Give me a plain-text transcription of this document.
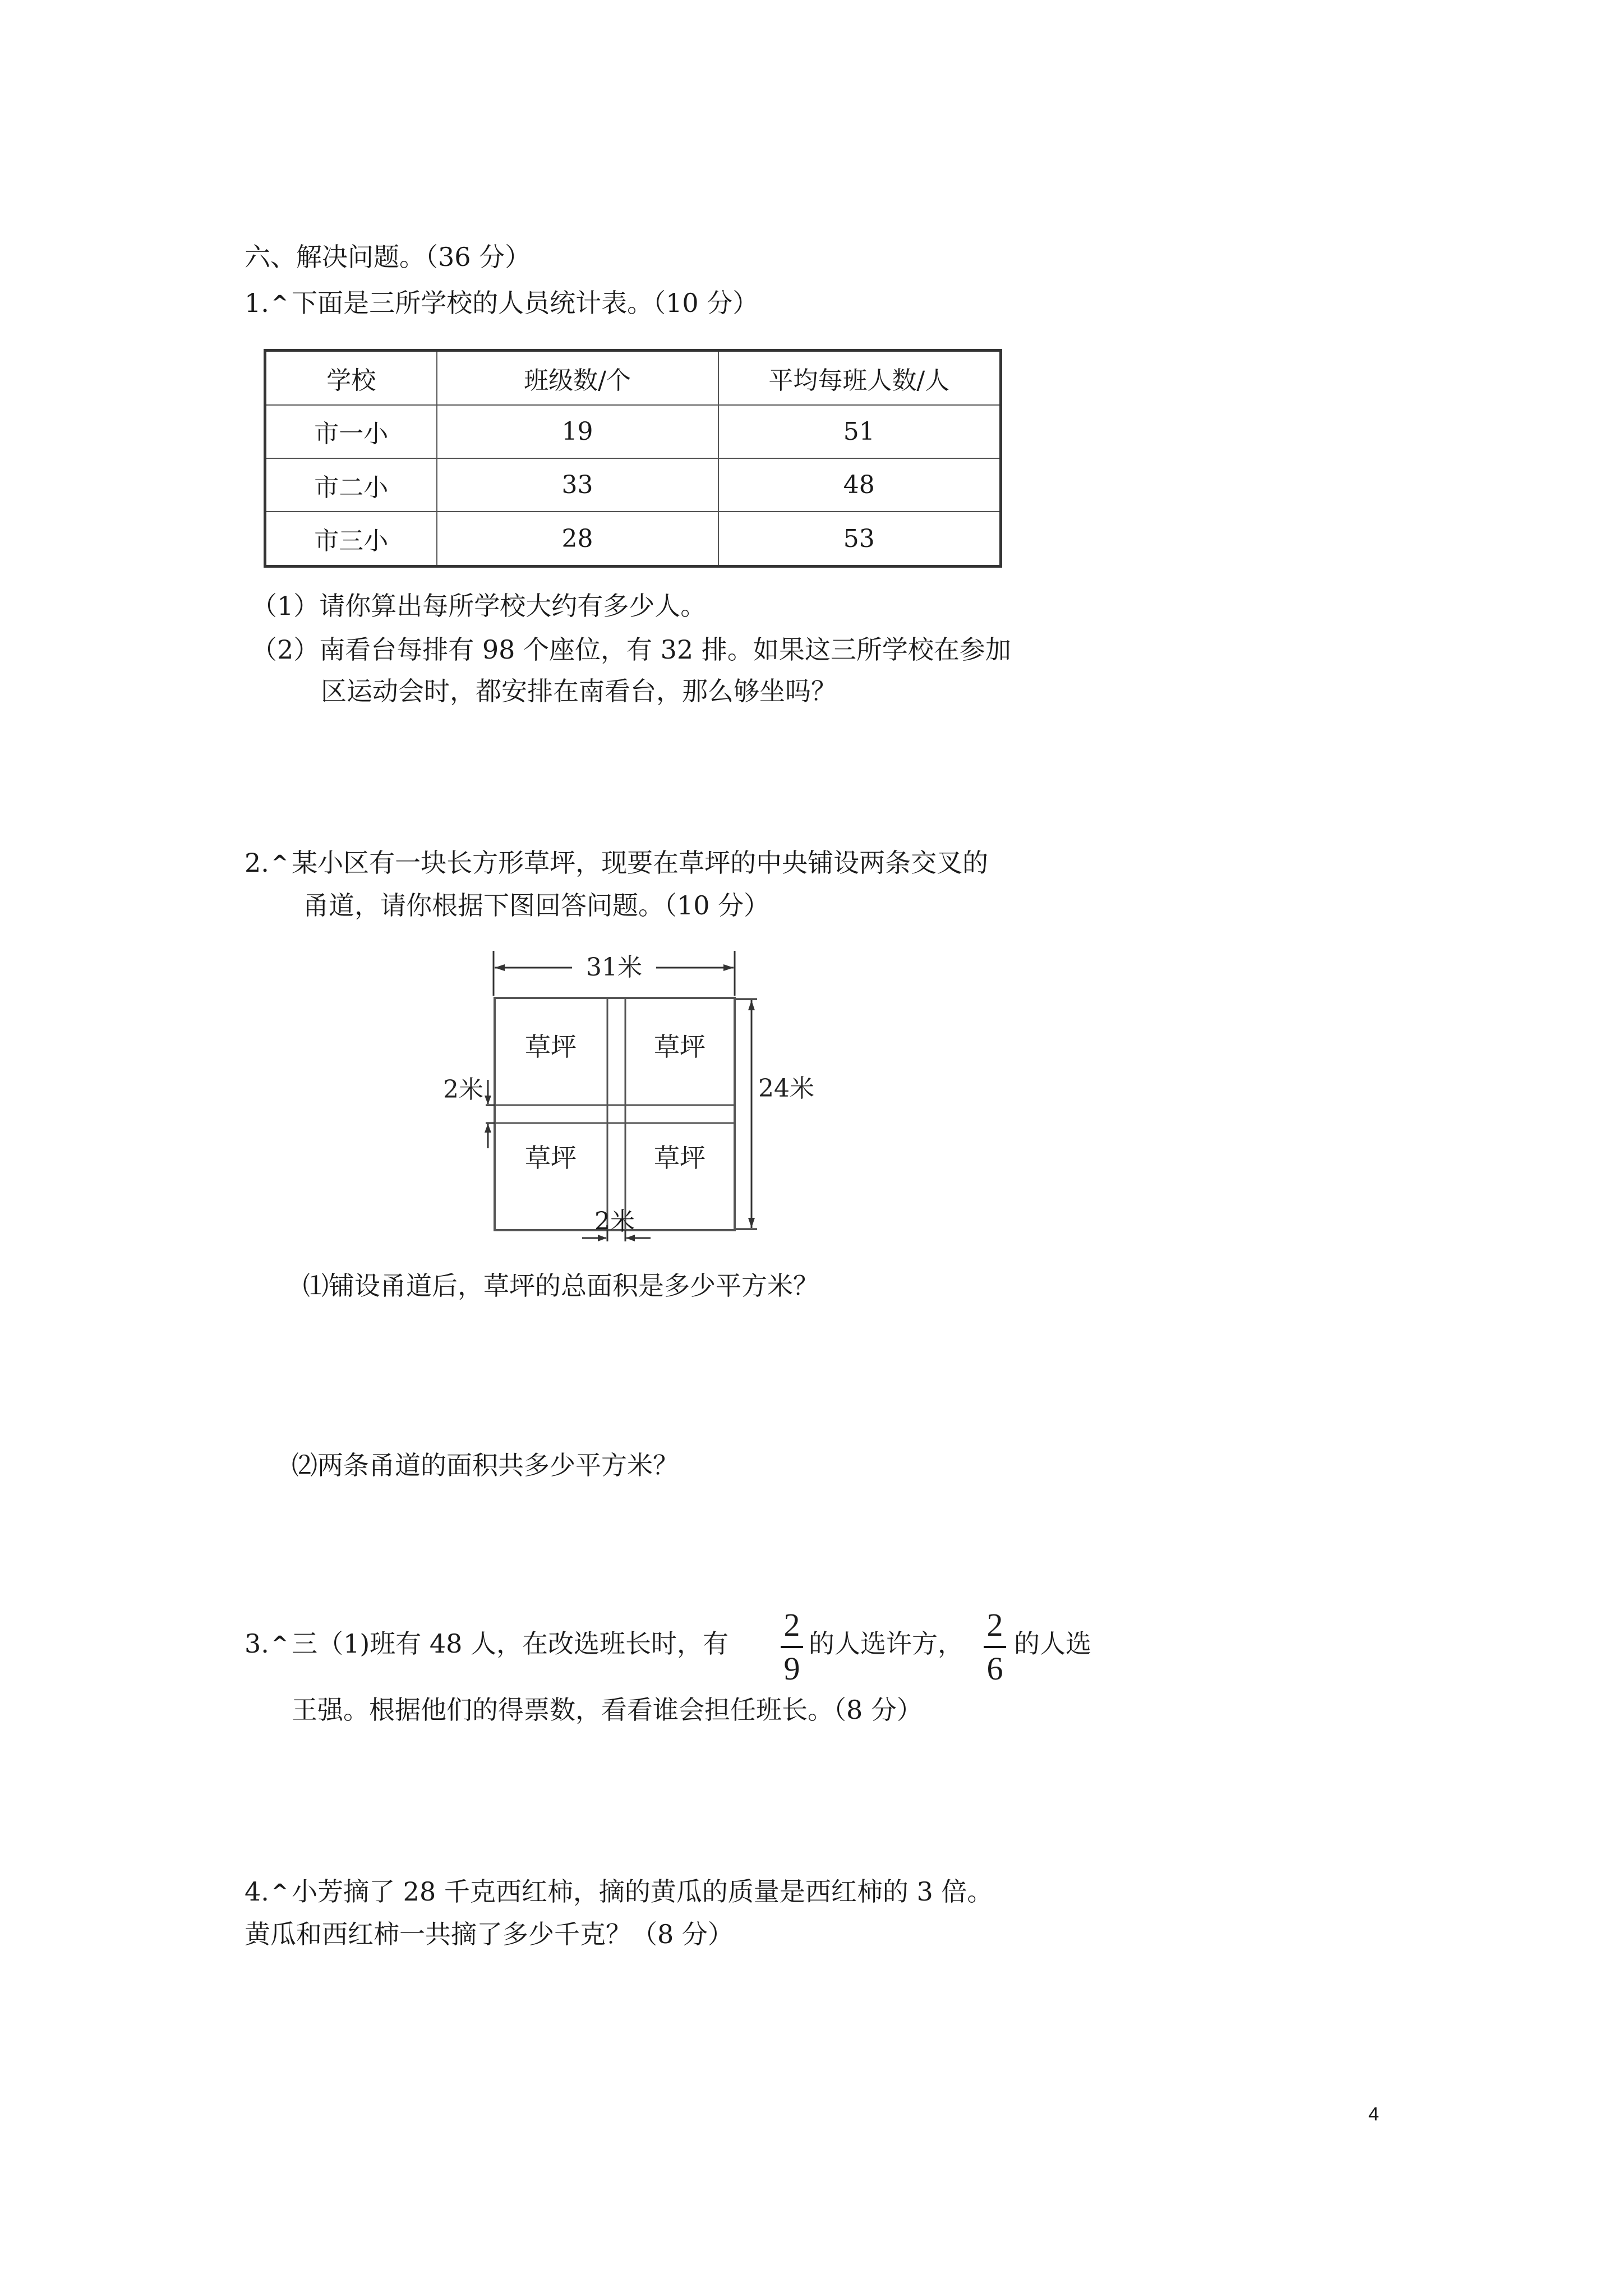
六、解决问题。（36 分）
1. ^ 下面是三所学校的人员统计表。（10 分）
学校	班级数/个	平均每班人数/人
市一小	19	51
市二小	33	48
市三小	28	53
（1）请你算出每所学校大约有多少人。
（2）南看台每排有 98 个座位，有 32 排。如果这三所学校在参加
区运动会时，都安排在南看台，那么够坐吗？
2. ^ 某小区有一块长方形草坪，现要在草坪的中央铺设两条交叉的
甬道，请你根据下图回答问题。（10 分）
31米
草坪	草坪
草坪	草坪
24米
2米
2米
⑴铺设甬道后，草坪的总面积是多少平方米？
⑵两条甬道的面积共多少平方米？
3. ^ 三（1)班有 48 人，在改选班长时，有
2
9
的人选许方，
2
6
的人选
王强。根据他们的得票数，看看谁会担任班长。（8 分）
4. ^ 小芳摘了 28 千克西红柿，摘的黄瓜的质量是西红柿的 3 倍。
黄瓜和西红柿一共摘了多少千克？（8 分）
4
